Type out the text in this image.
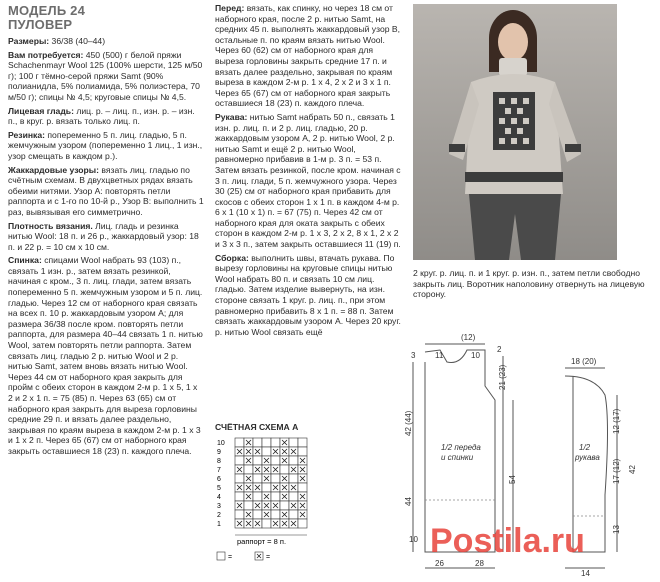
МОДЕЛЬ 24
ПУЛОВЕР

Размеры: 36/38 (40–44)

Вам потребуется: 450 (500) г белой пряжи Schachenmayr Wool 125 (100% шерсти, 125 м/50 г); 100 г тёмно-серой пряжи Samt (90% полианидла, 5% полиамида, 5% полиэстера, 70 м/50 г); спицы № 4,5; круговые спицы № 4,5.

Лицевая гладь: лиц. р. – лиц. п., изн. р. – изн. п., в круг. р. вязать только лиц. п.

Резинка: попеременно 5 п. лиц. гладью, 5 п. жемчужным узором (попеременно 1 лиц., 1 изн., узор смещать в каждом р.).

Жаккардовые узоры: вязать лиц. гладью по счётным схемам. В двухцветных рядах вязать обеими нитями. Узор А: повторять петли раппорта и с 1-го по 10-й р., Узор В: выполнить 1 раз, вывязывая его симметрично.

Плотность вязания. Лиц. гладь и резинка нитью Wool: 18 п. и 26 р., жаккардовый узор: 18 п. и 22 р. = 10 см x 10 см.

Спинка: спицами Wool набрать 93 (103) п., связать 1 изн. р., затем вязать резинкой, начиная с кром., 3 п. лиц. глади, затем вязать попеременно 5 п. жемчужным узором и 5 п. лиц. гладью. Через 12 см от наборного края связать на всех п. 10 р. жаккардовым узором А; для размера 36/38 после кром. повторять петли раппорта, для размера 40–44 связать 1 п. нитью Wool, затем повторять петли раппорта. Затем связать лиц. гладью 2 р. нитью Wool и 2 р. нитью Samt, затем вновь вязать нитью Wool. Через 44 см от наборного края закрыть для пройм с обеих сторон в каждом 2-м р. 1 x 5, 1 x 2 и 2 x 1 п. = 75 (85) п. Через 63 (65) см от наборного края закрыть для выреза горловины средние 29 п. и вязать далее раздельно, закрывая по краям выреза в каждом 2-м р. 1 x 3 и 1 x 2 п. Через 65 (67) см от наборного края закрыть оставшиеся 18 (23) п. каждого плеча.

Перед: вязать, как спинку, но через 18 см от наборного края, после 2 р. нитью Samt, на средних 45 п. выполнять жаккардовый узор В, остальные п. по краям вязать нитью Wool. Через 60 (62) см от наборного края для выреза горловины закрыть средние 17 п. и вязать далее раздельно, закрывая по краям выреза в каждом 2-м р. 1 x 4, 2 x 2 и 3 x 1 п. Через 65 (67) см от наборного края закрыть оставшиеся 18 (23) п. каждого плеча.

Рукава: нитью Samt набрать 50 п., связать 1 изн. р. лиц. п. и 2 р. лиц. гладью, 20 р. жаккардовым узором А, 2 р. нитью Wool, 2 р. нитью Samt и ещё 2 р. нитью Wool, равномерно прибавив в 1-м р. 3 п. = 53 п. Затем вязать резинкой, после кром. начиная с 3 п. лиц. глади, 5 п. жемчужного узора. Через 30 (25) см от наборного края прибавить для скосов с обеих сторон 1 x 1 п. в каждом 4-м р. 6 x 1 (10 x 1) п. = 67 (75) п. Через 42 см от наборного края для оката закрыть с обеих сторон в каждом 2-м р. 1 x 3, 2 x 2, 8 x 1, 2 x 2 и 3 x 3 п., затем закрыть оставшиеся 11 (19) п.

Сборка: выполнить швы, втачать рукава. По вырезу горловины на круговые спицы нитью Wool набрать 80 п. и связать 10 см лиц. гладью. Затем изделие вывернуть, на изн. стороне связать 1 круг. р. лиц. п., при этом равномерно прибавить 8 x 1 п. = 88 п. Затем связать жаккардовым узором А. Через 20 круг. р. нитью Wool связать ещё

2 круг. р. лиц. п. и 1 круг. р. изн. п., затем петли свободно закрыть лиц. Воротник наполовину отвернуть на лицевую сторону.
СЧЁТНАЯ СХЕМА А
10
9
8
7
6
5
4
3
2
1
раппорт = 8 п.
=	=
(12)
11	10
3
2
42 (44)
44
21 (23)
54
26	28
10
1/2 переда
и спинки
18 (20)
12 (17)
17 (12)
13
42
14
1/2
рукава
Postila.ru
